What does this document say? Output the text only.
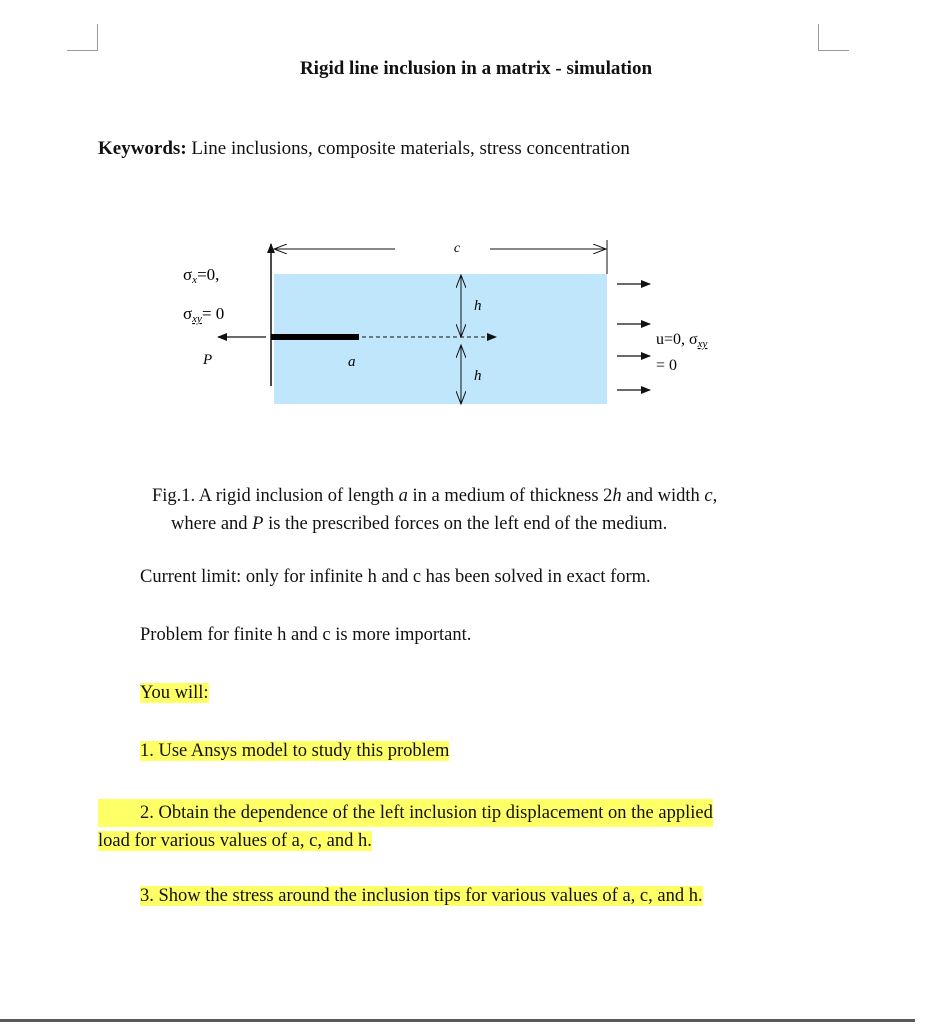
Rigid line inclusion in a matrix - simulation
Keywords: Line inclusions, composite materials, stress concentration
c
h
h
P	a
σx=0,
σxy= 0
u=0, σxy
= 0
Fig.1. A rigid inclusion of length a in a medium of thickness 2h and width c,
where and P is the prescribed forces on the left end of the medium.
Current limit: only for infinite h and c has been solved in exact form.
Problem for finite h and c is more important.
You will:
1. Use Ansys model to study this problem
2. Obtain the dependence of the left inclusion tip displacement on the applied
load for various values of a, c, and h.
3. Show the stress around the inclusion tips for various values of a, c, and h.
